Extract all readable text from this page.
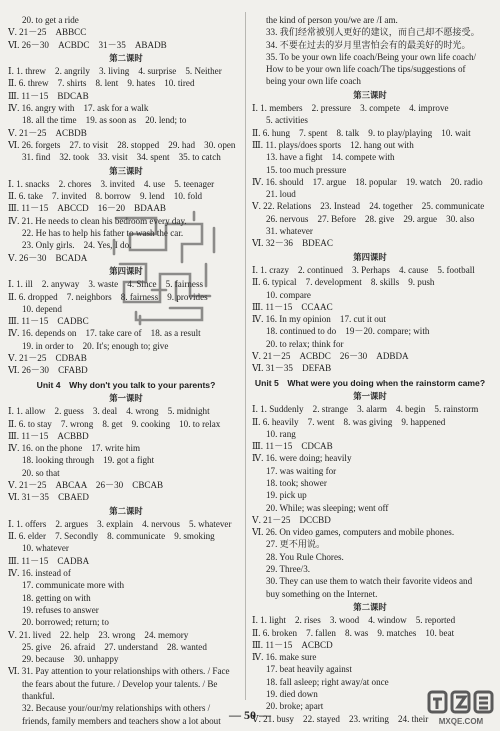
20. to get a ride
Ⅴ. 21－25　ABBCC
Ⅵ. 26－30　ACBDC　31－35　ABADB
第二课时
Ⅰ. 1. threw　2. angrily　3. living　4. surprise　5. Neither
Ⅱ. 6. threw　7. shirts　8. lent　9. hates　10. tired
Ⅲ. 11－15　BDCAB
Ⅳ. 16. angry with　17. ask for a walk
18. all the time　19. as soon as　20. lend; to
Ⅴ. 21－25　ACBDB
Ⅵ. 26. forgets　27. to visit　28. stopped　29. had　30. open
31. find　32. took　33. visit　34. spent　35. to catch
第三课时
Ⅰ. 1. snacks　2. chores　3. invited　4. use　5. teenager
Ⅱ. 6. take　7. invited　8. borrow　9. lend　10. fold
Ⅲ. 11－15　ABCCD　16－20　BDAAB
Ⅳ. 21. He needs to clean his bedroom every day.
22. He has to help his father to wash the car.
23. Only girls.　24. Yes, I do.
Ⅴ. 26－30　BCADA
第四课时
Ⅰ. 1. ill　2. anyway　3. waste　4. Since　5. fairness
Ⅱ. 6. dropped　7. neighbors　8. fairness　9. provides
10. depend
Ⅲ. 11－15　CADBC
Ⅳ. 16. depends on　17. take care of　18. as a result
19. in order to　20. It's; enough to; give
Ⅴ. 21－25　CDBAB
Ⅵ. 26－30　CFABD
Unit 4　Why don't you talk to your parents?
第一课时
Ⅰ. 1. allow　2. guess　3. deal　4. wrong　5. midnight
Ⅱ. 6. to stay　7. wrong　8. get　9. cooking　10. to relax
Ⅲ. 11－15　ACBBD
Ⅳ. 16. on the phone　17. write him
18. looking through　19. got a fight
20. so that
Ⅴ. 21－25　ABCAA　26－30　CBCAB
Ⅵ. 31－35　CBAED
第二课时
Ⅰ. 1. offers　2. argues　3. explain　4. nervous　5. whatever
Ⅱ. 6. elder　7. Secondly　8. communicate　9. smoking
10. whatever
Ⅲ. 11－15　CADBA
Ⅳ. 16. instead of
17. communicate more with
18. getting on with
19. refuses to answer
20. borrowed; return; to
Ⅴ. 21. lived　22. help　23. wrong　24. memory
25. give　26. afraid　27. understand　28. wanted
29. because　30. unhappy
Ⅵ. 31. Pay attention to your relationships with others. / Face
the fears about the future. / Develop your talents. / Be
thankful.
32. Because your/our/my relationships with others /
friends, family members and teachers show a lot about
the kind of person you/we are /I am.
33. 我们经常被别人更好的建议，而自己却不愿接受。
34. 不要在过去的岁月里害怕会有的最美好的时光。
35. To be your own life coach/Being your own life coach/
How to be your own life coach/The tips/suggestions of
being your own life coach
第三课时
Ⅰ. 1. members　2. pressure　3. compete　4. improve
5. activities
Ⅱ. 6. hung　7. spent　8. talk　9. to play/playing　10. wait
Ⅲ. 11. plays/does sports　12. hang out with
13. have a fight　14. compete with
15. too much pressure
Ⅳ. 16. should　17. argue　18. popular　19. watch　20. radio
21. loud
Ⅴ. 22. Relations　23. Instead　24. together　25. communicate
26. nervous　27. Before　28. give　29. argue　30. also
31. whatever
Ⅵ. 32－36　BDEAC
第四课时
Ⅰ. 1. crazy　2. continued　3. Perhaps　4. cause　5. football
Ⅱ. 6. typical　7. development　8. skills　9. push
10. compare
Ⅲ. 11－15　CCAAC
Ⅳ. 16. In my opinion　17. cut it out
18. continued to do　19－20. compare; with
20. to relax; think for
Ⅴ. 21－25　ACBDC　26－30　ADBDA
Ⅵ. 31－35　DEFAB
Unit 5　What were you doing when the rainstorm came?
第一课时
Ⅰ. 1. Suddenly　2. strange　3. alarm　4. begin　5. rainstorm
Ⅱ. 6. heavily　7. went　8. was giving　9. happened
10. rang
Ⅲ. 11－15　CDCAB
Ⅳ. 16. were doing; heavily
17. was waiting for
18. took; shower
19. pick up
20. While; was sleeping; went off
Ⅴ. 21－25　DCCBD
Ⅵ. 26. On video games, computers and mobile phones.
27. 更不用说。
28. You Rule Chores.
29. Three/3.
30. They can use them to watch their favorite videos and
buy something on the Internet.
第二课时
Ⅰ. 1. light　2. rises　3. wood　4. window　5. reported
Ⅱ. 6. broken　7. fallen　8. was　9. matches　10. beat
Ⅲ. 11－15　ACBCD
Ⅳ. 16. make sure
17. beat heavily against
18. fall asleep; right away/at once
19. died down
20. broke; apart
Ⅴ. 21. busy　22. stayed　23. writing　24. their
— 50 —	MXQE.COM
